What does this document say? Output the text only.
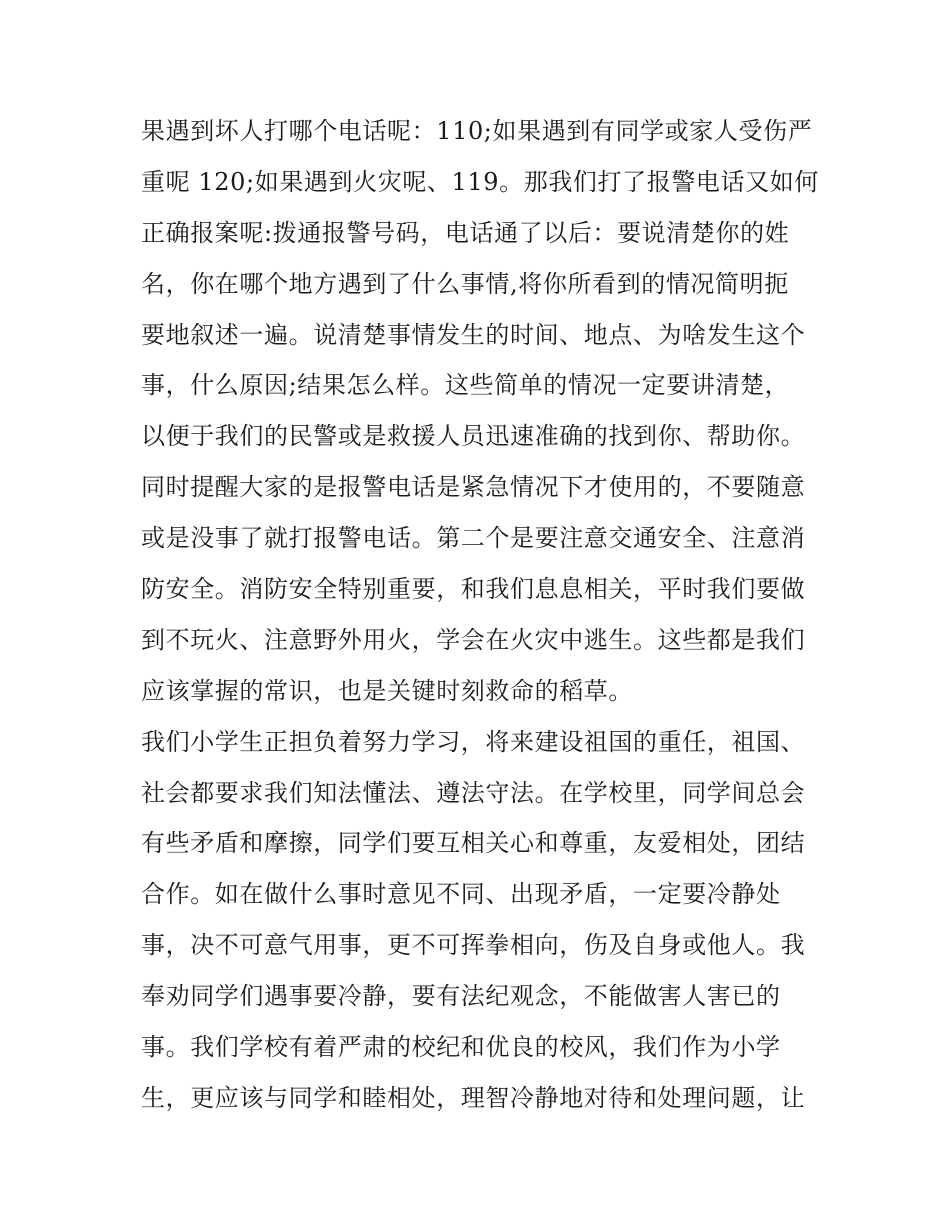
果遇到坏人打哪个电话呢：110;如果遇到有同学或家人受伤严
重呢 120;如果遇到火灾呢、119。那我们打了报警电话又如何
正确报案呢:拨通报警号码，电话通了以后：要说清楚你的姓
名，你在哪个地方遇到了什么事情,将你所看到的情况简明扼
要地叙述一遍。说清楚事情发生的时间、地点、为啥发生这个
事，什么原因;结果怎么样。这些简单的情况一定要讲清楚，
以便于我们的民警或是救援人员迅速准确的找到你、帮助你。
同时提醒大家的是报警电话是紧急情况下才使用的，不要随意
或是没事了就打报警电话。第二个是要注意交通安全、注意消
防安全。消防安全特别重要，和我们息息相关，平时我们要做
到不玩火、注意野外用火，学会在火灾中逃生。这些都是我们
应该掌握的常识，也是关键时刻救命的稻草。
我们小学生正担负着努力学习，将来建设祖国的重任，祖国、
社会都要求我们知法懂法、遵法守法。在学校里，同学间总会
有些矛盾和摩擦，同学们要互相关心和尊重，友爱相处，团结
合作。如在做什么事时意见不同、出现矛盾，一定要冷静处
事，决不可意气用事，更不可挥拳相向，伤及自身或他人。我
奉劝同学们遇事要冷静，要有法纪观念，不能做害人害已的
事。我们学校有着严肃的校纪和优良的校风，我们作为小学
生，更应该与同学和睦相处，理智冷静地对待和处理问题，让
